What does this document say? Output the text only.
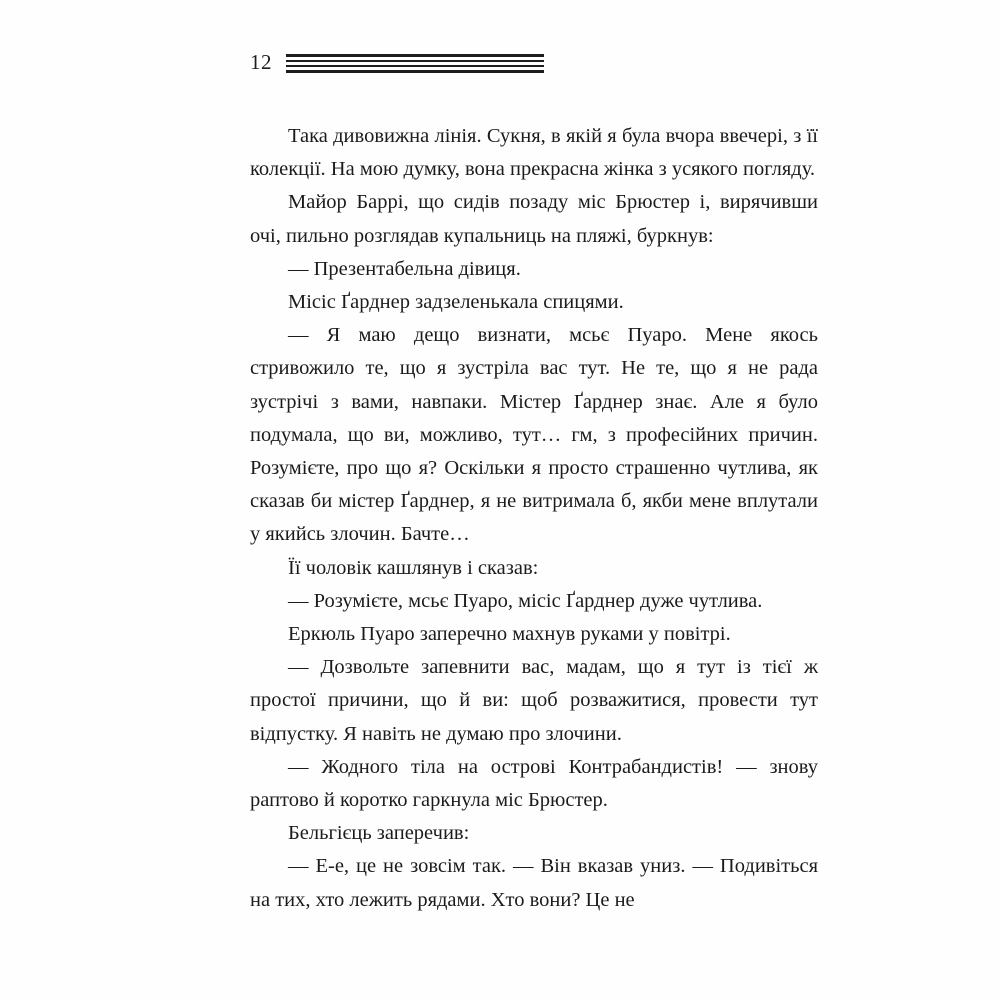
12

Така дивовижна лінія. Сукня, в якій я була вчора ввечері, з її колекції. На мою думку, вона прекрасна жінка з усякого погляду.

Майор Баррі, що сидів позаду міс Брюстер і, вирячивши очі, пильно розглядав купальниць на пляжі, буркнув:

— Презентабельна дівиця.

Місіс Ґарднер задзеленькала спицями.

— Я маю дещо визнати, мсьє Пуаро. Мене якось стривожило те, що я зустріла вас тут. Не те, що я не рада зустрічі з вами, навпаки. Містер Ґарднер знає. Але я було подумала, що ви, можливо, тут… гм, з професійних причин. Розумієте, про що я? Оскільки я просто страшенно чутлива, як сказав би містер Ґарднер, я не витримала б, якби мене вплутали у якийсь злочин. Бачте…

Її чоловік кашлянув і сказав:

— Розумієте, мсьє Пуаро, місіс Ґарднер дуже чутлива.

Еркюль Пуаро заперечно махнув руками у повітрі.

— Дозвольте запевнити вас, мадам, що я тут із тієї ж простої причини, що й ви: щоб розважитися, провести тут відпустку. Я навіть не думаю про злочини.

— Жодного тіла на острові Контрабандистів! — знову раптово й коротко гаркнула міс Брюстер.

Бельгієць заперечив:

— Е-е, це не зовсім так. — Він вказав униз. — Подивіться на тих, хто лежить рядами. Хто вони? Це не
